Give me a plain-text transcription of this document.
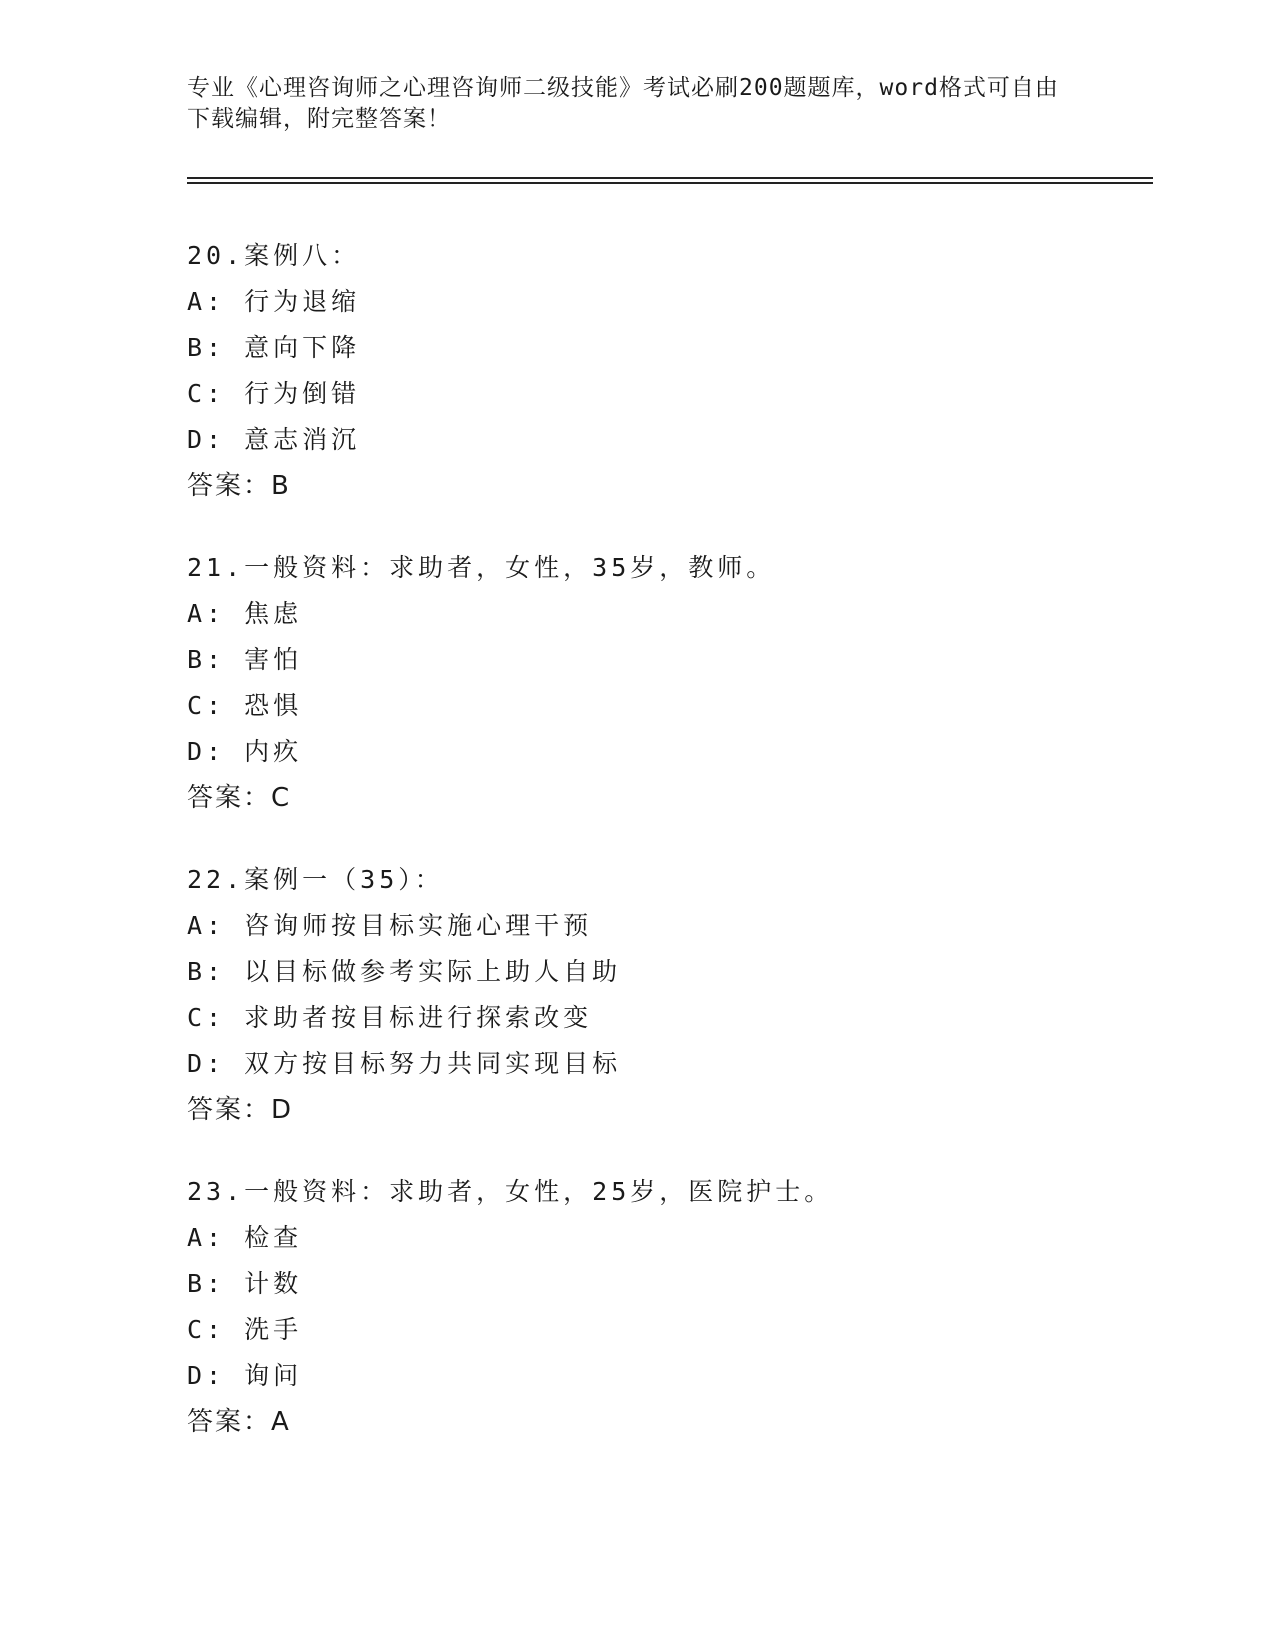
专业《心理咨询师之心理咨询师二级技能》考试必刷200题题库，word格式可自由下载编辑，附完整答案！
20.案例八：
A: 行为退缩
B: 意向下降
C: 行为倒错
D: 意志消沉
答案：B
21.一般资料：求助者，女性，35岁，教师。
A: 焦虑
B: 害怕
C: 恐惧
D: 内疚
答案：C
22.案例一（35）：
A: 咨询师按目标实施心理干预
B: 以目标做参考实际上助人自助
C: 求助者按目标进行探索改变
D: 双方按目标努力共同实现目标
答案：D
23.一般资料：求助者，女性，25岁，医院护士。
A: 检查
B: 计数
C: 洗手
D: 询问
答案：A
